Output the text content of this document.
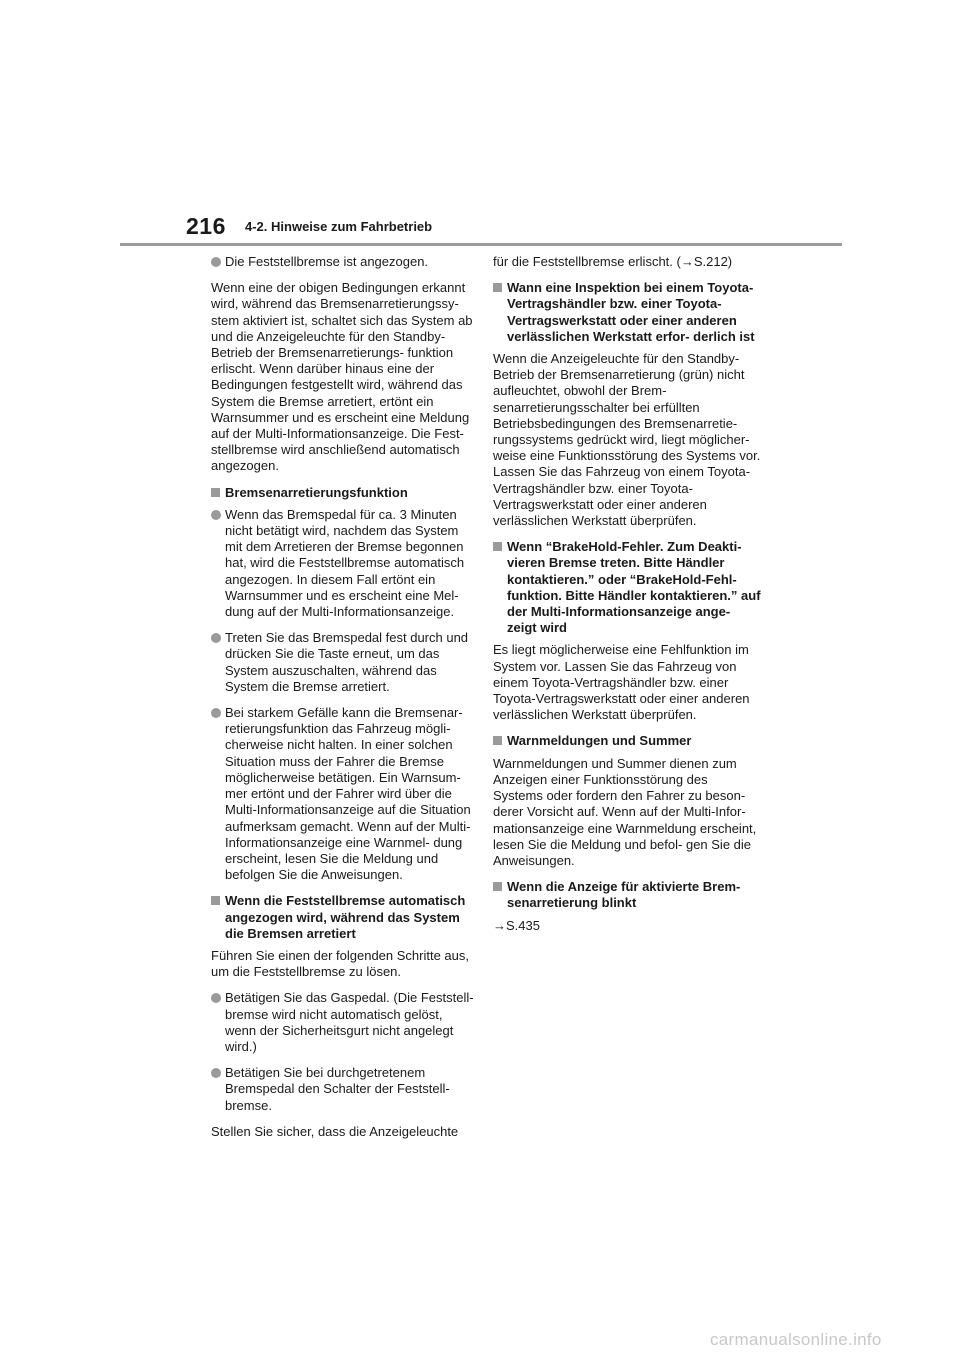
216 4-2. Hinweise zum Fahrbetrieb
Die Feststellbremse ist angezogen.

Wenn eine der obigen Bedingungen erkannt wird, während das Bremsenarretierungssy- stem aktiviert ist, schaltet sich das System ab und die Anzeigeleuchte für den Standby-Betrieb der Bremsenarretierungs- funktion erlischt. Wenn darüber hinaus eine der Bedingungen festgestellt wird, während das System die Bremse arretiert, ertönt ein Warnsummer und es erscheint eine Meldung auf der Multi-Informationsanzeige. Die Fest- stellbremse wird anschließend automatisch angezogen.

Bremsenarretierungsfunktion
Wenn das Bremspedal für ca. 3 Minuten nicht betätigt wird, nachdem das System mit dem Arretieren der Bremse begonnen hat, wird die Feststellbremse automatisch angezogen. In diesem Fall ertönt ein Warnsummer und es erscheint eine Mel- dung auf der Multi-Informationsanzeige.
Treten Sie das Bremspedal fest durch und drücken Sie die Taste erneut, um das System auszuschalten, während das System die Bremse arretiert.
Bei starkem Gefälle kann die Bremsenar- retierungsfunktion das Fahrzeug mögli- cherweise nicht halten. In einer solchen Situation muss der Fahrer die Bremse möglicherweise betätigen. Ein Warnsum- mer ertönt und der Fahrer wird über die Multi-Informationsanzeige auf die Situation aufmerksam gemacht. Wenn auf der Multi-Informationsanzeige eine Warnmel- dung erscheint, lesen Sie die Meldung und befolgen Sie die Anweisungen.
Wenn die Feststellbremse automatisch angezogen wird, während das System die Bremsen arretiert

Führen Sie einen der folgenden Schritte aus, um die Feststellbremse zu lösen.

Betätigen Sie das Gaspedal. (Die Feststell- bremse wird nicht automatisch gelöst, wenn der Sicherheitsgurt nicht angelegt wird.)
Betätigen Sie bei durchgetretenem Bremspedal den Schalter der Feststell- bremse.

Stellen Sie sicher, dass die Anzeigeleuchte

für die Feststellbremse erlischt. (→S.212)

Wann eine Inspektion bei einem Toyota-Vertragshändler bzw. einer Toyota-Vertragswerkstatt oder einer anderen verlässlichen Werkstatt erfor- derlich ist

Wenn die Anzeigeleuchte für den Standby-Betrieb der Bremsenarretierung (grün) nicht aufleuchtet, obwohl der Brem- senarretierungsschalter bei erfüllten Betriebsbedingungen des Bremsenarretie- rungssystems gedrückt wird, liegt möglicher- weise eine Funktionsstörung des Systems vor. Lassen Sie das Fahrzeug von einem Toyota-Vertragshändler bzw. einer Toyota-Vertragswerkstatt oder einer anderen verlässlichen Werkstatt überprüfen.

Wenn “BrakeHold-Fehler. Zum Deakti- vieren Bremse treten. Bitte Händler kontaktieren.” oder “BrakeHold-Fehl- funktion. Bitte Händler kontaktieren.” auf der Multi-Informationsanzeige ange- zeigt wird

Es liegt möglicherweise eine Fehlfunktion im System vor. Lassen Sie das Fahrzeug von einem Toyota-Vertragshändler bzw. einer Toyota-Vertragswerkstatt oder einer anderen verlässlichen Werkstatt überprüfen.

Warnmeldungen und Summer

Warnmeldungen und Summer dienen zum Anzeigen einer Funktionsstörung des Systems oder fordern den Fahrer zu beson- derer Vorsicht auf. Wenn auf der Multi-Infor- mationsanzeige eine Warnmeldung erscheint, lesen Sie die Meldung und befol- gen Sie die Anweisungen.

Wenn die Anzeige für aktivierte Brem- senarretierung blinkt

→S.435

carmanualsonline.info
